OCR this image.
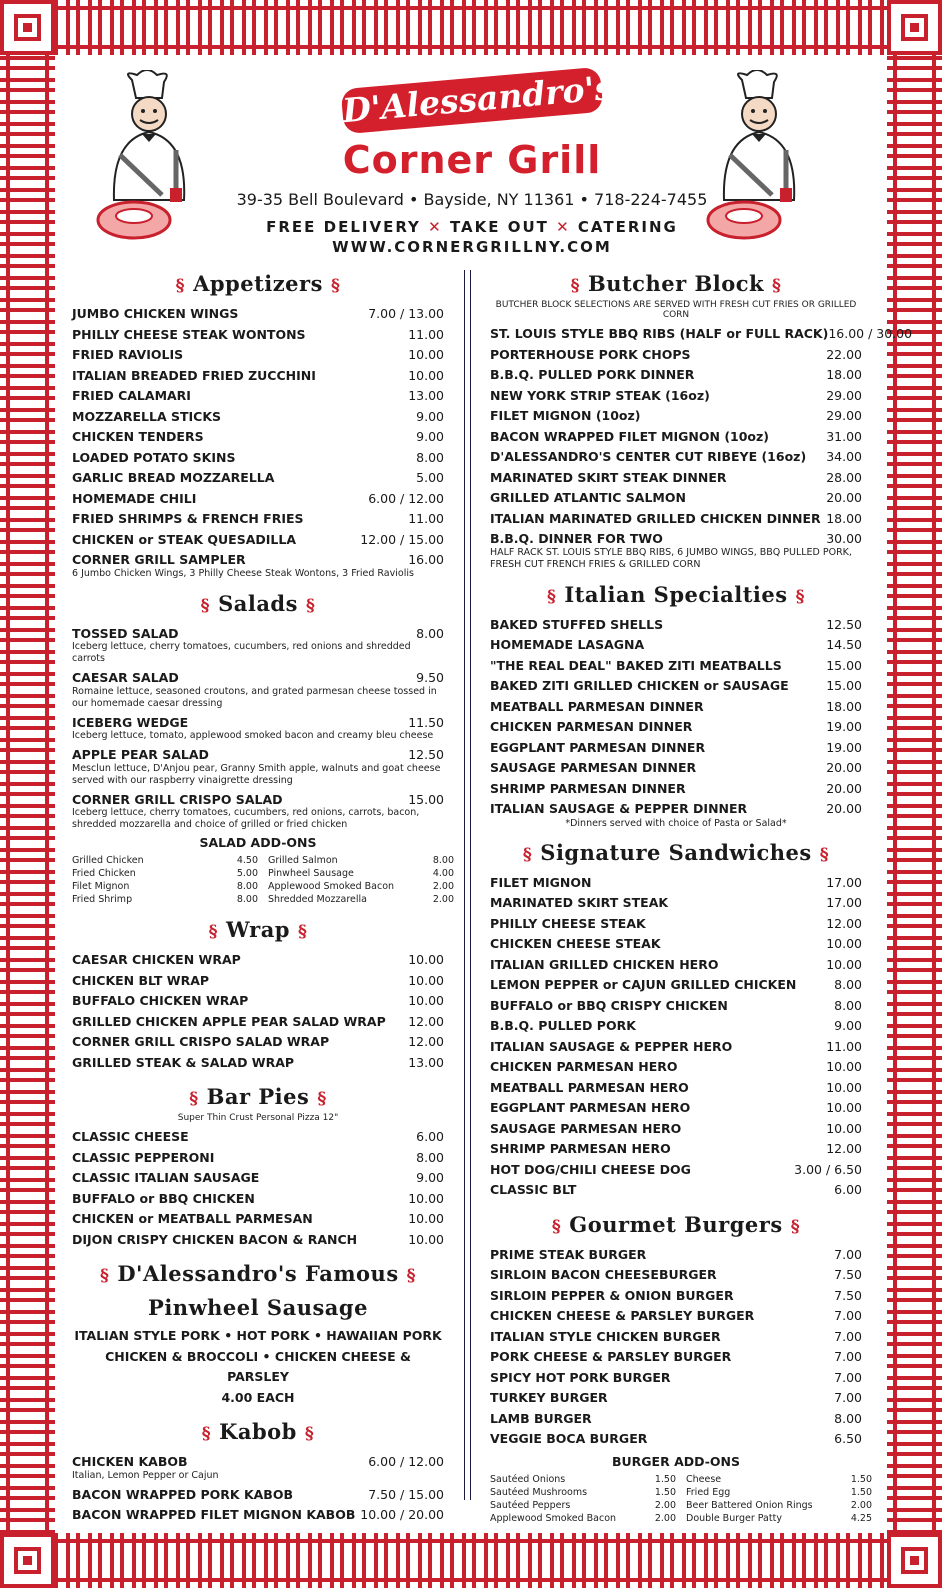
D'Alessandro's
Corner Grill
39-35 Bell Boulevard • Bayside, NY 11361 • 718-224-7455
FREE DELIVERY ✕ TAKE OUT ✕ CATERING
WWW.CORNERGRILLNY.COM
§ Appetizers §
JUMBO CHICKEN WINGS	7.00 / 13.00
PHILLY CHEESE STEAK WONTONS	11.00
FRIED RAVIOLIS	10.00
ITALIAN BREADED FRIED ZUCCHINI	10.00
FRIED CALAMARI	13.00
MOZZARELLA STICKS	9.00
CHICKEN TENDERS	9.00
LOADED POTATO SKINS	8.00
GARLIC BREAD MOZZARELLA	5.00
HOMEMADE CHILI	6.00 / 12.00
FRIED SHRIMPS & FRENCH FRIES	11.00
CHICKEN or STEAK QUESADILLA	12.00 / 15.00
CORNER GRILL SAMPLER	16.00
6 Jumbo Chicken Wings, 3 Philly Cheese Steak Wontons, 3 Fried Raviolis
§ Salads §
TOSSED SALAD	8.00
Iceberg lettuce, cherry tomatoes, cucumbers, red onions and shredded carrots
CAESAR SALAD	9.50
Romaine lettuce, seasoned croutons, and grated parmesan cheese tossed in our homemade caesar dressing
ICEBERG WEDGE	11.50
Iceberg lettuce, tomato, applewood smoked bacon and creamy bleu cheese
APPLE PEAR SALAD	12.50
Mesclun lettuce, D'Anjou pear, Granny Smith apple, walnuts and goat cheese served with our raspberry vinaigrette dressing
CORNER GRILL CRISPO SALAD	15.00
Iceberg lettuce, cherry tomatoes, cucumbers, red onions, carrots, bacon, shredded mozzarella and choice of grilled or fried chicken
SALAD ADD-ONS
Grilled Chicken	4.50 Grilled Salmon	8.00
Fried Chicken	5.00 Pinwheel Sausage	4.00
Filet Mignon	8.00 Applewood Smoked Bacon	2.00
Fried Shrimp	8.00 Shredded Mozzarella	2.00
§ Wrap §
CAESAR CHICKEN WRAP	10.00
CHICKEN BLT WRAP	10.00
BUFFALO CHICKEN WRAP	10.00
GRILLED CHICKEN APPLE PEAR SALAD WRAP 12.00
CORNER GRILL CRISPO SALAD WRAP	12.00
GRILLED STEAK & SALAD WRAP	13.00
§ Bar Pies §
Super Thin Crust Personal Pizza 12"
CLASSIC CHEESE	6.00
CLASSIC PEPPERONI	8.00
CLASSIC ITALIAN SAUSAGE	9.00
BUFFALO or BBQ CHICKEN	10.00
CHICKEN or MEATBALL PARMESAN	10.00
DIJON CRISPY CHICKEN BACON & RANCH	10.00
§ D'Alessandro's Famous §
Pinwheel Sausage
ITALIAN STYLE PORK • HOT PORK • HAWAIIAN PORK
CHICKEN & BROCCOLI • CHICKEN CHEESE & PARSLEY
4.00 EACH
§ Kabob §
CHICKEN KABOB	6.00 / 12.00
Italian, Lemon Pepper or Cajun
BACON WRAPPED PORK KABOB	7.50 / 15.00
BACON WRAPPED FILET MIGNON KABOB 10.00 / 20.00
§ Butcher Block §
BUTCHER BLOCK SELECTIONS ARE SERVED WITH FRESH CUT FRIES OR GRILLED CORN
ST. LOUIS STYLE BBQ RIBS (HALF or FULL RACK) 16.00 / 30.00
PORTERHOUSE PORK CHOPS	22.00
B.B.Q. PULLED PORK DINNER	18.00
NEW YORK STRIP STEAK (16oz)	29.00
FILET MIGNON (10oz)	29.00
BACON WRAPPED FILET MIGNON (10oz)	31.00
D'ALESSANDRO'S CENTER CUT RIBEYE (16oz) 34.00
MARINATED SKIRT STEAK DINNER	28.00
GRILLED ATLANTIC SALMON	20.00
ITALIAN MARINATED GRILLED CHICKEN DINNER 18.00
B.B.Q. DINNER FOR TWO	30.00
HALF RACK ST. LOUIS STYLE BBQ RIBS, 6 JUMBO WINGS, BBQ PULLED PORK, FRESH CUT FRENCH FRIES & GRILLED CORN
§ Italian Specialties §
BAKED STUFFED SHELLS	12.50
HOMEMADE LASAGNA	14.50
"THE REAL DEAL" BAKED ZITI MEATBALLS	15.00
BAKED ZITI GRILLED CHICKEN or SAUSAGE	15.00
MEATBALL PARMESAN DINNER	18.00
CHICKEN PARMESAN DINNER	19.00
EGGPLANT PARMESAN DINNER	19.00
SAUSAGE PARMESAN DINNER	20.00
SHRIMP PARMESAN DINNER	20.00
ITALIAN SAUSAGE & PEPPER DINNER	20.00
*Dinners served with choice of Pasta or Salad*
§ Signature Sandwiches §
FILET MIGNON	17.00
MARINATED SKIRT STEAK	17.00
PHILLY CHEESE STEAK	12.00
CHICKEN CHEESE STEAK	10.00
ITALIAN GRILLED CHICKEN HERO	10.00
LEMON PEPPER or CAJUN GRILLED CHICKEN	8.00
BUFFALO or BBQ CRISPY CHICKEN	8.00
B.B.Q. PULLED PORK	9.00
ITALIAN SAUSAGE & PEPPER HERO	11.00
CHICKEN PARMESAN HERO	10.00
MEATBALL PARMESAN HERO	10.00
EGGPLANT PARMESAN HERO	10.00
SAUSAGE PARMESAN HERO	10.00
SHRIMP PARMESAN HERO	12.00
HOT DOG/CHILI CHEESE DOG	3.00 / 6.50
CLASSIC BLT	6.00
§ Gourmet Burgers §
PRIME STEAK BURGER	7.00
SIRLOIN BACON CHEESEBURGER	7.50
SIRLOIN PEPPER & ONION BURGER	7.50
CHICKEN CHEESE & PARSLEY BURGER	7.00
ITALIAN STYLE CHICKEN BURGER	7.00
PORK CHEESE & PARSLEY BURGER	7.00
SPICY HOT PORK BURGER	7.00
TURKEY BURGER	7.00
LAMB BURGER	8.00
VEGGIE BOCA BURGER	6.50
BURGER ADD-ONS
Sautéed Onions	1.50 Cheese	1.50
Sautéed Mushrooms	1.50 Fried Egg	1.50
Sautéed Peppers	2.00 Beer Battered Onion Rings	2.00
Applewood Smoked Bacon	2.00 Double Burger Patty	4.25
